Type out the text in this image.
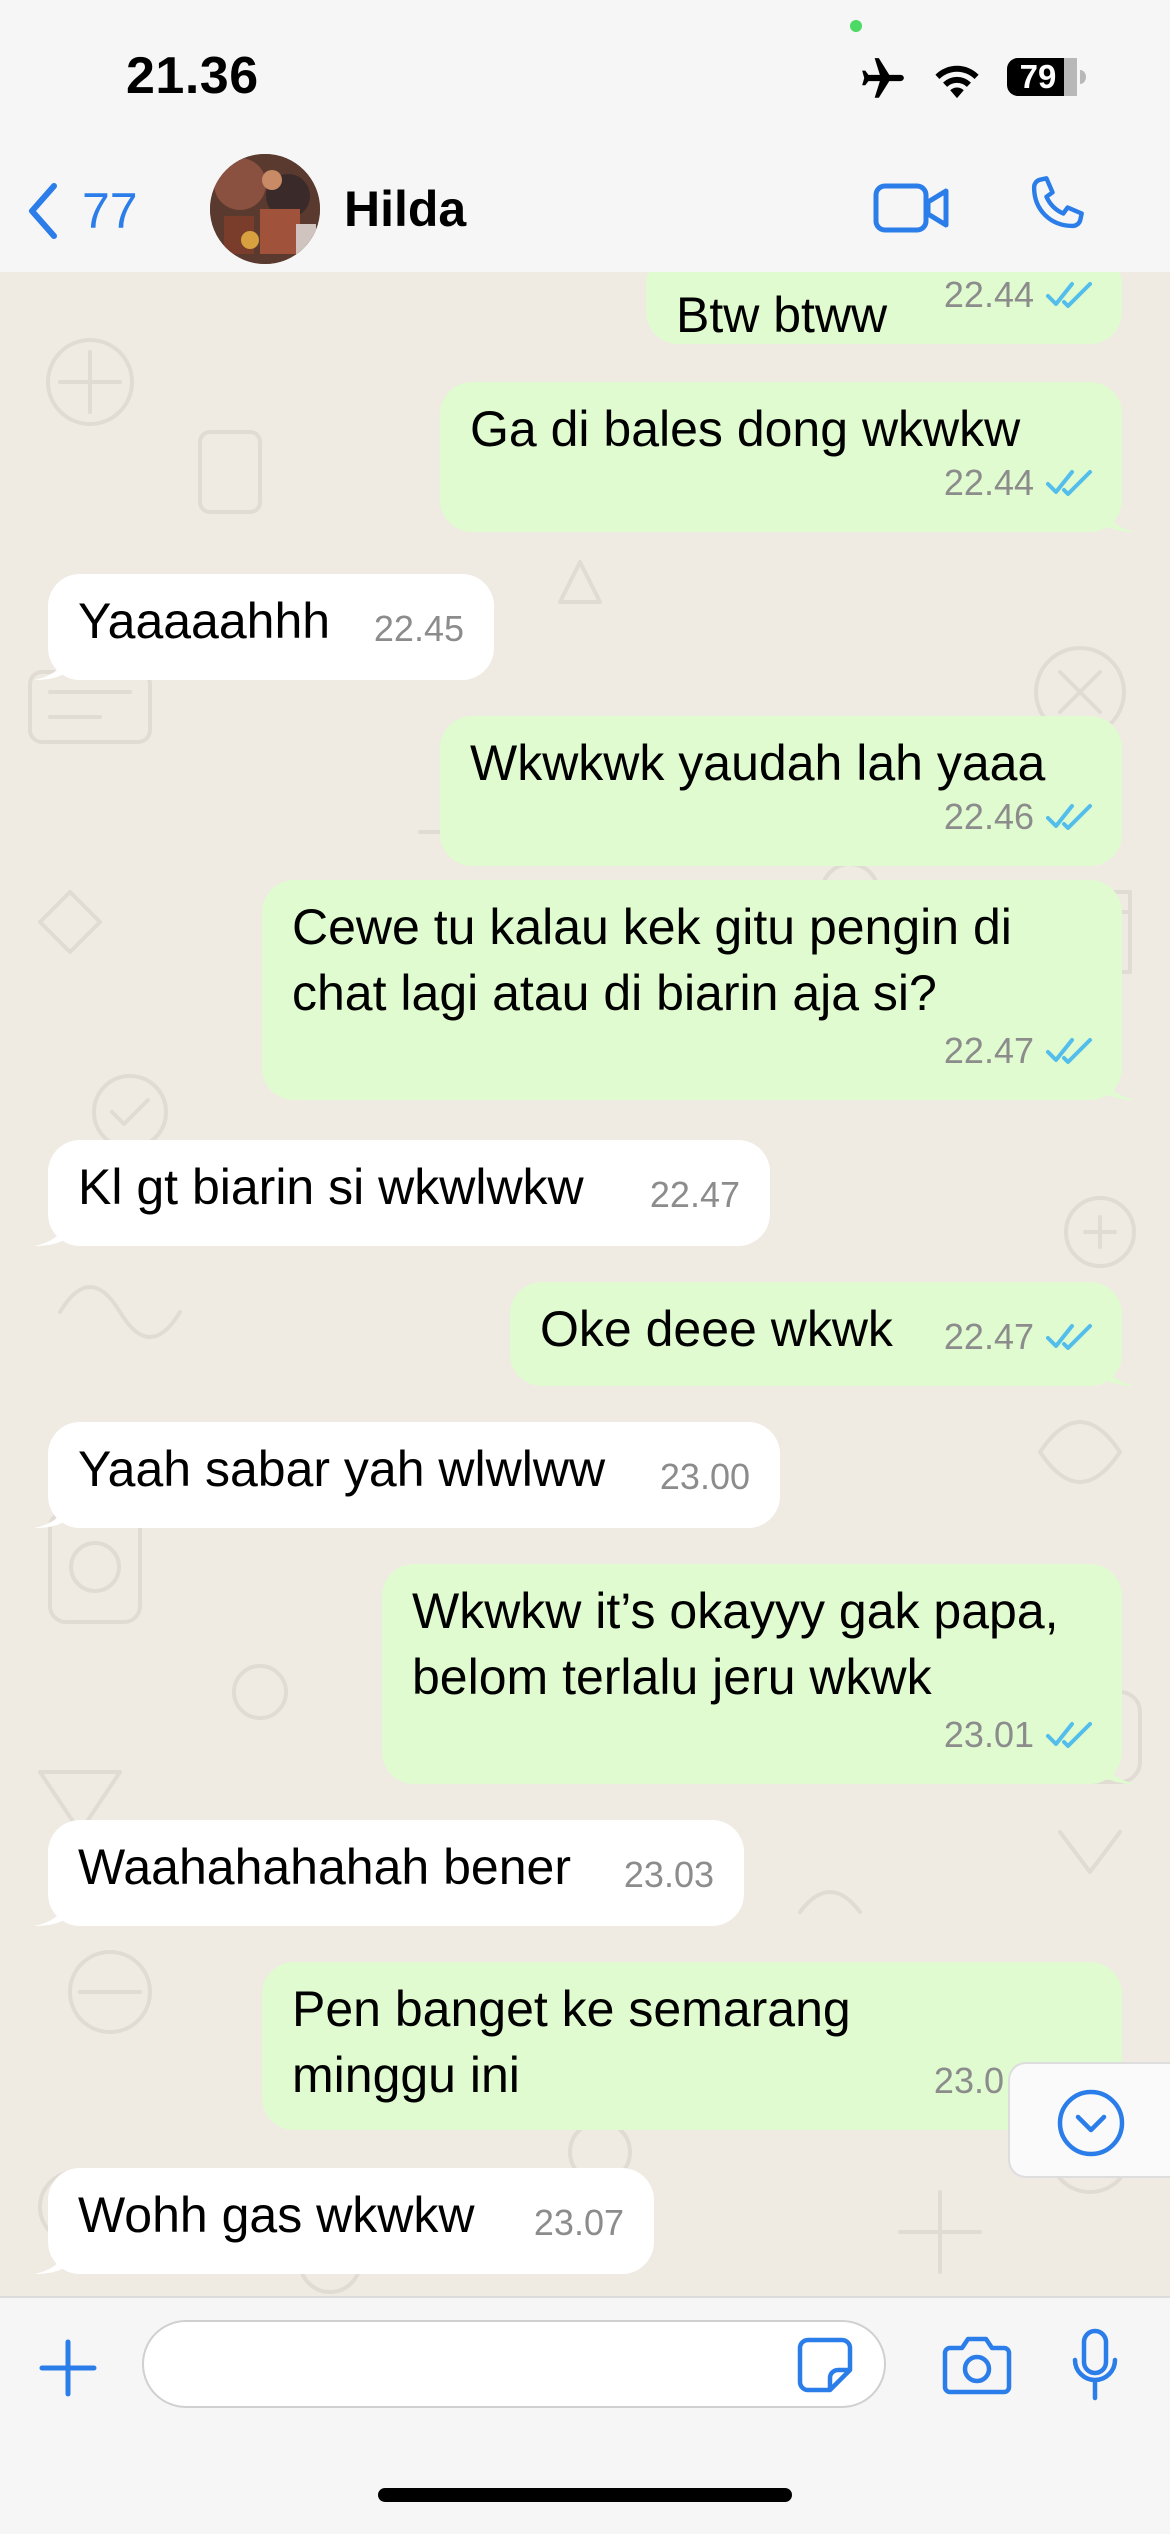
21.36	79
77	Hilda
Btw btww 22.44
Ga di bales dong wkwkw
22.44
Yaaaaahhh 22.45
Wkwkwk yaudah lah yaaa
22.46
Cewe tu kalau kek gitu pengin di chat lagi atau di biarin aja si?
22.47
Kl gt biarin si wkwlwkw 22.47
Oke deee wkwk 22.47
Yaah sabar yah wlwlww 23.00
Wkwkw it’s okayyy gak papa, belom terlalu jeru wkwk
23.01
Waahahahahah bener 23.03
Pen banget ke semarang minggu ini	23.0
Wohh gas wkwkw 23.07
